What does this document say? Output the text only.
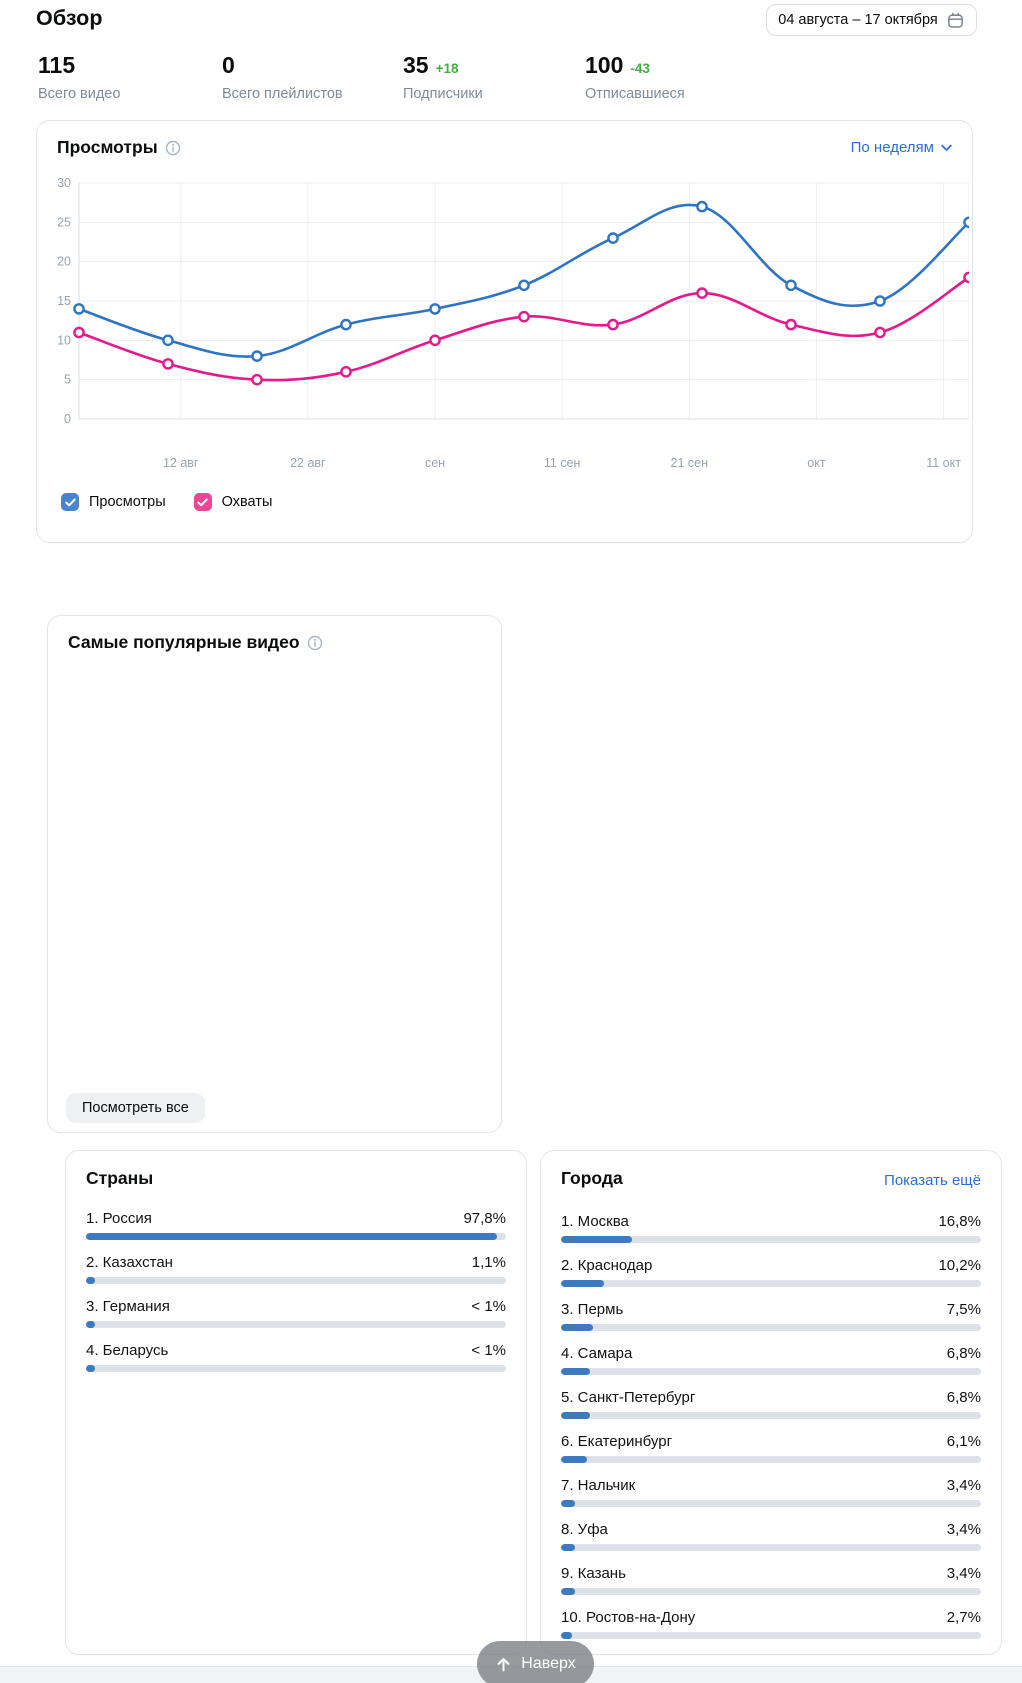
Обзор	04 августа – 17 октября
115
Всего видео
0
Всего плейлистов
35 +18
Подписчики
100 -43
Отписавшиеся
Просмотры	По неделям
0
5
10
15
20
25
30
12 авг	22 авг	сен	11 сен	21 сен	окт	11 окт
Просмотры	Охваты
Самые популярные видео
Посмотреть все
Страны
1. Россия	97,8%
2. Казахстан	1,1%
3. Германия	< 1%
4. Беларусь	< 1%
Города	Показать ещё
1. Москва	16,8%
2. Краснодар	10,2%
3. Пермь	7,5%
4. Самара	6,8%
5. Санкт-Петербург	6,8%
6. Екатеринбург	6,1%
7. Нальчик	3,4%
8. Уфа	3,4%
9. Казань	3,4%
10. Ростов-на-Дону	2,7%
Наверх
